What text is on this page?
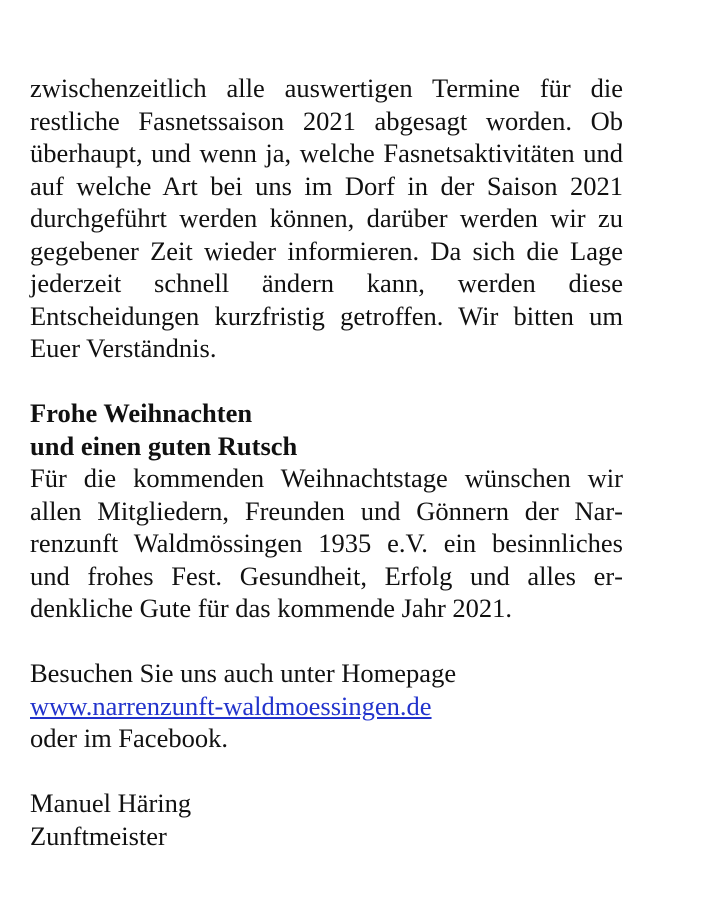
zwischenzeitlich alle auswertigen Termine für die restliche Fasnetssaison 2021 abgesagt worden. Ob überhaupt, und wenn ja, welche Fasnetsaktivitäten und auf welche Art bei uns im Dorf in der Saison 2021 durchgeführt werden können, darüber werden wir zu gegebener Zeit wieder informieren. Da sich die Lage jederzeit schnell ändern kann, werden diese Entscheidungen kurzfristig getroffen. Wir bitten um Euer Verständnis.

Frohe Weihnachten
und einen guten Rutsch

Für die kommenden Weihnachtstage wünschen wir allen Mitgliedern, Freunden und Gönnern der Narrenzunft Waldmössingen 1935 e.V. ein besinnliches und frohes Fest. Gesundheit, Erfolg und alles erdenkliche Gute für das kommende Jahr 2021.

Besuchen Sie uns auch unter Homepage
www.narrenzunft-waldmoessingen.de
oder im Facebook.
Manuel Häring
Zunftmeister
